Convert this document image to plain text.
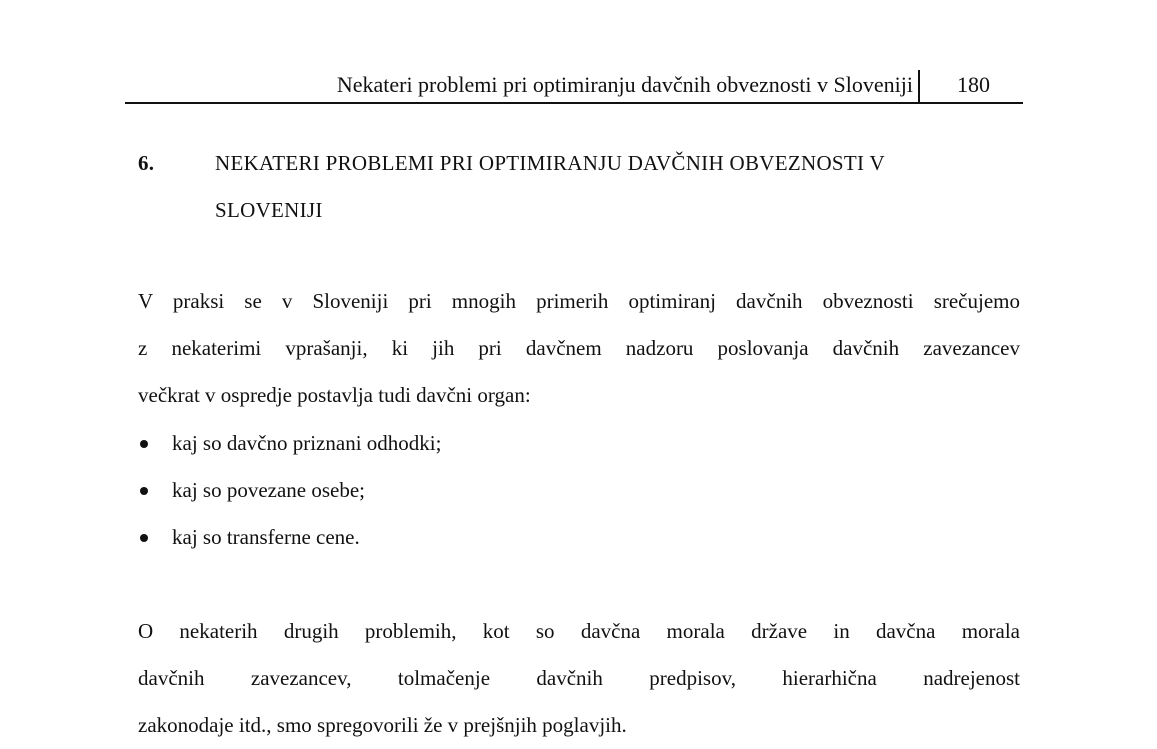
Nekateri problemi pri optimiranju davčnih obveznosti v Sloveniji 180
6.	NEKATERI PROBLEMI PRI OPTIMIRANJU DAVČNIH OBVEZNOSTI V
SLOVENIJI
V praksi se v Sloveniji pri mnogih primerih optimiranj davčnih obveznosti srečujemo
z nekaterimi vprašanji, ki jih pri davčnem nadzoru poslovanja davčnih zavezancev
večkrat v ospredje postavlja tudi davčni organ:
kaj so davčno priznani odhodki;
kaj so povezane osebe;
kaj so transferne cene.
O nekaterih drugih problemih, kot so davčna morala države in davčna morala
davčnih zavezancev, tolmačenje davčnih predpisov, hierarhična nadrejenost
zakonodaje itd., smo spregovorili že v prejšnjih poglavjih.
